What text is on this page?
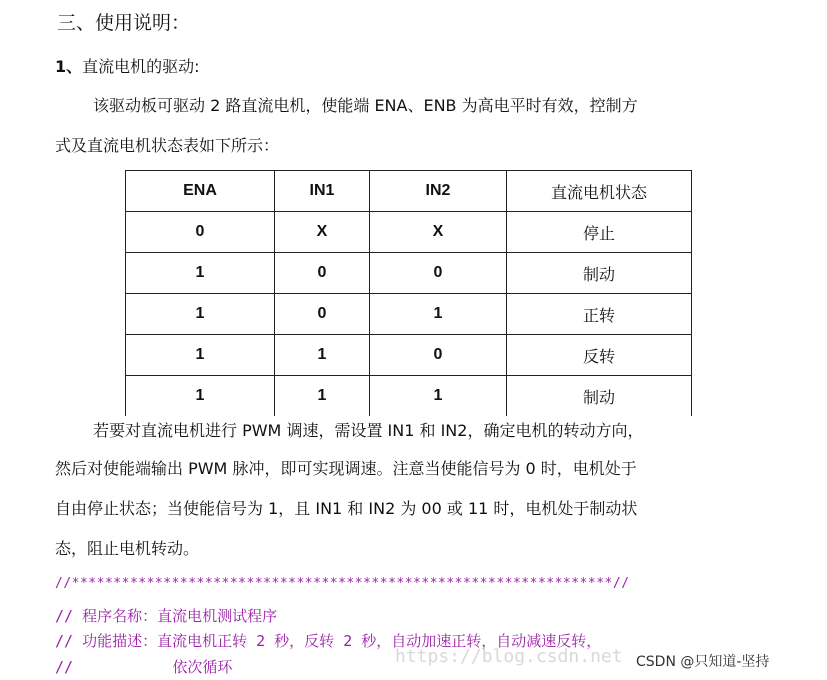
三、使用说明：
1、直流电机的驱动:
该驱动板可驱动 2 路直流电机，使能端 ENA、ENB 为高电平时有效，控制方
式及直流电机状态表如下所示：
ENA	IN1	IN2	直流电机状态
0	X	X	停止
1	0	0	制动
1	0	1	正转
1	1	0	反转
1	1	1	制动
若要对直流电机进行 PWM 调速，需设置 IN1 和 IN2，确定电机的转动方向，
然后对使能端输出 PWM 脉冲，即可实现调速。注意当使能信号为 0 时，电机处于
自由停止状态；当使能信号为 1，且 IN1 和 IN2 为 00 或 11 时，电机处于制动状
态，阻止电机转动。
//*****************************************************************//
// 程序名称：直流电机测试程序
// 功能描述：直流电机正转 2 秒，反转 2 秒，自动加速正转，自动减速反转，
//           依次循环	https://blog.csdn.net CSDN @只知道-坚持
